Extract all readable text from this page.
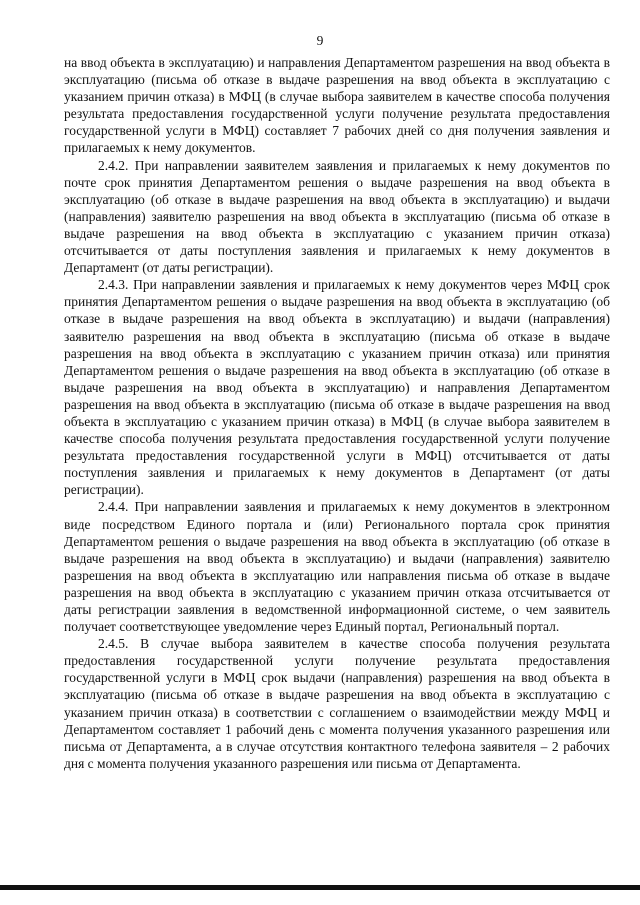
9

на ввод объекта в эксплуатацию) и направления Департаментом разрешения на ввод объекта в эксплуатацию (письма об отказе в выдаче разрешения на ввод объекта в эксплуатацию с указанием причин отказа) в МФЦ (в случае выбора заявителем в качестве способа получения результата предоставления государственной услуги получение результата предоставления государственной услуги в МФЦ) составляет 7 рабочих дней со дня получения заявления и прилагаемых к нему документов.

2.4.2. При направлении заявителем заявления и прилагаемых к нему документов по почте срок принятия Департаментом решения о выдаче разрешения на ввод объекта в эксплуатацию (об отказе в выдаче разрешения на ввод объекта в эксплуатацию) и выдачи (направления) заявителю разрешения на ввод объекта в эксплуатацию (письма об отказе в выдаче разрешения на ввод объекта в эксплуатацию с указанием причин отказа) отсчитывается от даты поступления заявления и прилагаемых к нему документов в Департамент (от даты регистрации).

2.4.3. При направлении заявления и прилагаемых к нему документов через МФЦ срок принятия Департаментом решения о выдаче разрешения на ввод объекта в эксплуатацию (об отказе в выдаче разрешения на ввод объекта в эксплуатацию) и выдачи (направления) заявителю разрешения на ввод объекта в эксплуатацию (письма об отказе в выдаче разрешения на ввод объекта в эксплуатацию с указанием причин отказа) или принятия Департаментом решения о выдаче разрешения на ввод объекта в эксплуатацию (об отказе в выдаче разрешения на ввод объекта в эксплуатацию) и направления Департаментом разрешения на ввод объекта в эксплуатацию (письма об отказе в выдаче разрешения на ввод объекта в эксплуатацию с указанием причин отказа) в МФЦ (в случае выбора заявителем в качестве способа получения результата предоставления государственной услуги получение результата предоставления государственной услуги в МФЦ) отсчитывается от даты поступления заявления и прилагаемых к нему документов в Департамент (от даты регистрации).

2.4.4. При направлении заявления и прилагаемых к нему документов в электронном виде посредством Единого портала и (или) Регионального портала срок принятия Департаментом решения о выдаче разрешения на ввод объекта в эксплуатацию (об отказе в выдаче разрешения на ввод объекта в эксплуатацию) и выдачи (направления) заявителю разрешения на ввод объекта в эксплуатацию или направления письма об отказе в выдаче разрешения на ввод объекта в эксплуатацию с указанием причин отказа отсчитывается от даты регистрации заявления в ведомственной информационной системе, о чем заявитель получает соответствующее уведомление через Единый портал, Региональный портал.

2.4.5. В случае выбора заявителем в качестве способа получения результата предоставления государственной услуги получение результата предоставления государственной услуги в МФЦ срок выдачи (направления) разрешения на ввод объекта в эксплуатацию (письма об отказе в выдаче разрешения на ввод объекта в эксплуатацию с указанием причин отказа) в соответствии с соглашением о взаимодействии между МФЦ и Департаментом составляет 1 рабочий день с момента получения указанного разрешения или письма от Департамента, а в случае отсутствия контактного телефона заявителя – 2 рабочих дня с момента получения указанного разрешения или письма от Департамента.
